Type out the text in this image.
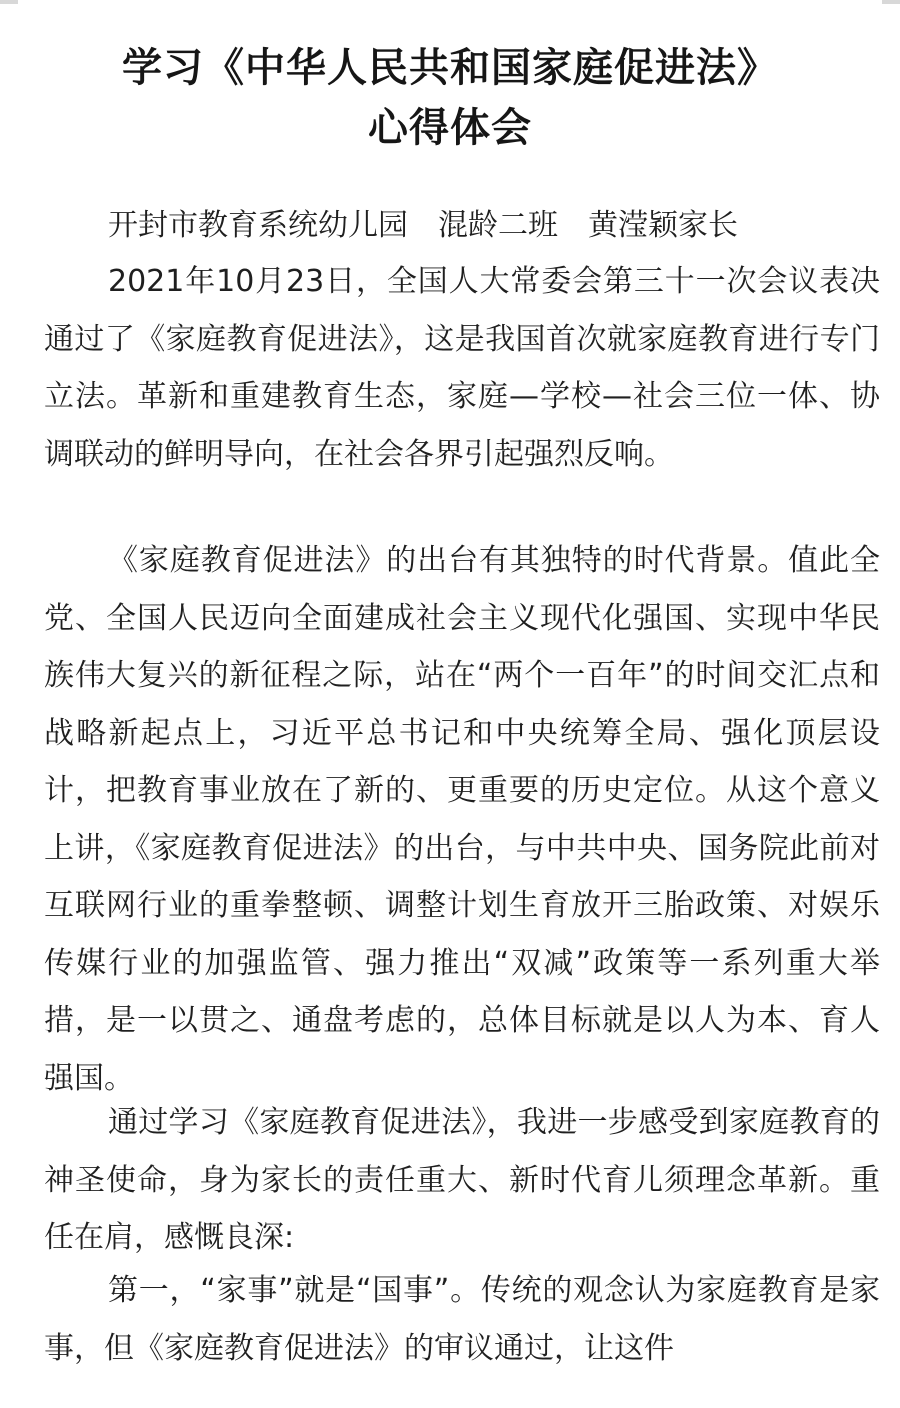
学习《中华人民共和国家庭促进法》
心得体会
开封市教育系统幼儿园　混龄二班　黄滢颖家长

2021年10月23日，全国人大常委会第三十一次会议表决通过了《家庭教育促进法》，这是我国首次就家庭教育进行专门立法。革新和重建教育生态，家庭—学校—社会三位一体、协调联动的鲜明导向，在社会各界引起强烈反响。

《家庭教育促进法》的出台有其独特的时代背景。值此全党、全国人民迈向全面建成社会主义现代化强国、实现中华民族伟大复兴的新征程之际，站在“两个一百年”的时间交汇点和战略新起点上，习近平总书记和中央统筹全局、强化顶层设计，把教育事业放在了新的、更重要的历史定位。从这个意义上讲，《家庭教育促进法》的出台，与中共中央、国务院此前对互联网行业的重拳整顿、调整计划生育放开三胎政策、对娱乐传媒行业的加强监管、强力推出“双减”政策等一系列重大举措，是一以贯之、通盘考虑的，总体目标就是以人为本、育人强国。

通过学习《家庭教育促进法》，我进一步感受到家庭教育的神圣使命，身为家长的责任重大、新时代育儿须理念革新。重任在肩，感慨良深:

第一，“家事”就是“国事”。传统的观念认为家庭教育是家事，但《家庭教育促进法》的审议通过，让这件
